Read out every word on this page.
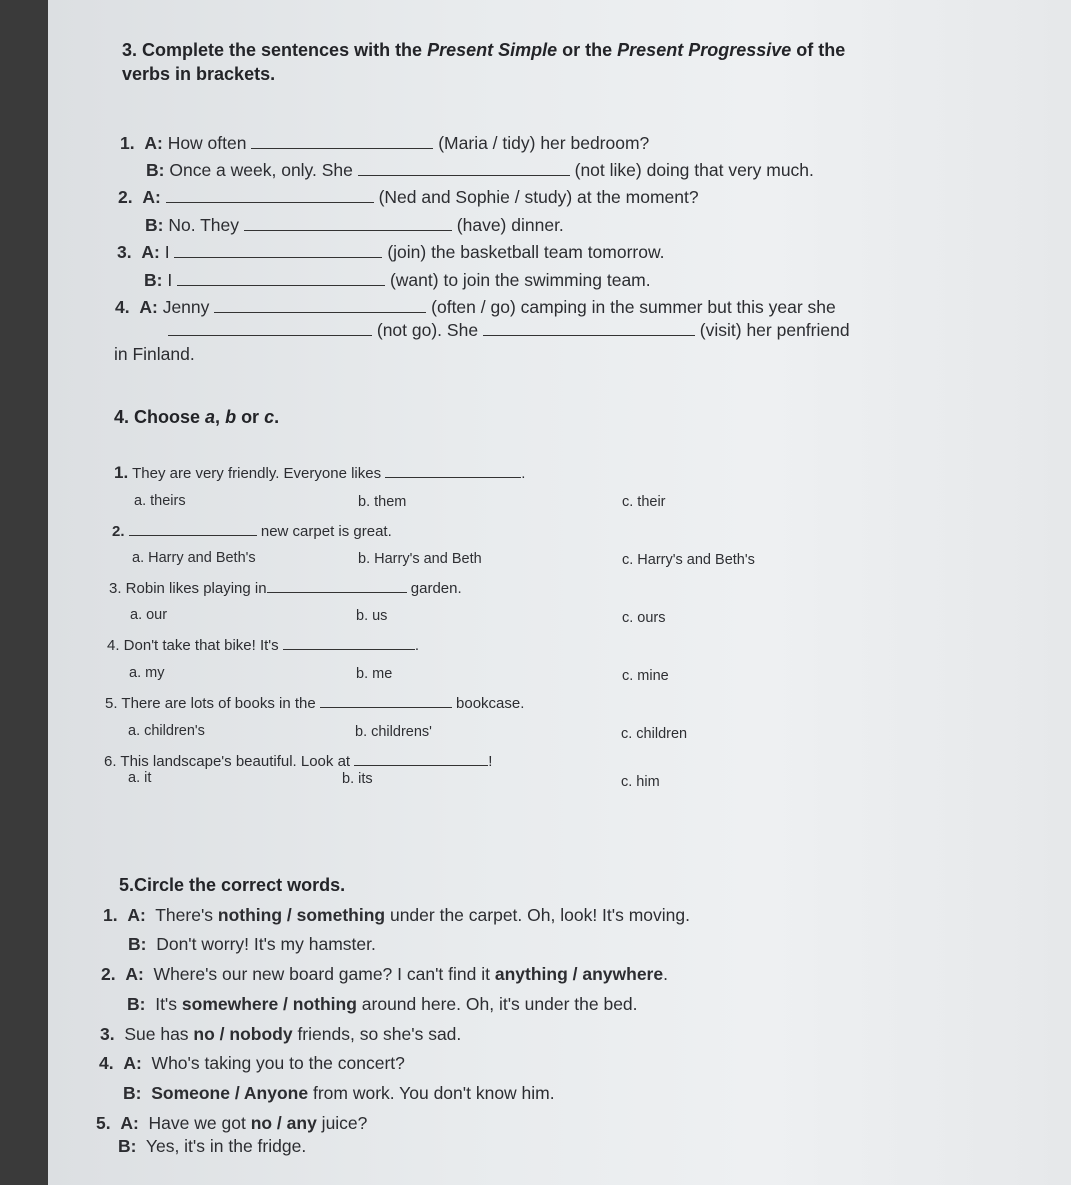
3. Complete the sentences with the Present Simple or the Present Progressive of the
verbs in brackets.
1. A: How often	(Maria / tidy) her bedroom?
B: Once a week, only. She	(not like) doing that very much.
2. A:	(Ned and Sophie / study) at the moment?
B: No. They	(have) dinner.
3. A: I	(join) the basketball team tomorrow.
B: I	(want) to join the swimming team.
4. A: Jenny	(often / go) camping in the summer but this year she
(not go). She	(visit) her penfriend
in Finland.
4. Choose a, b or c.
1. They are very friendly. Everyone likes	.
a. theirs	b. them	c. their
2.	new carpet is great.
a. Harry and Beth's	b. Harry's and Beth	c. Harry's and Beth's
3. Robin likes playing in	garden.
a. our	b. us	c. ours
4. Don't take that bike! It's	.
a. my	b. me	c. mine
5. There are lots of books in the	bookcase.
a. children's	b. childrens'	c. children
6. This landscape's beautiful. Look at	!
a. it	b. its	c. him
5.Circle the correct words.
1. A: There's nothing / something under the carpet. Oh, look! It's moving.
B: Don't worry! It's my hamster.
2. A: Where's our new board game? I can't find it anything / anywhere.
B: It's somewhere / nothing around here. Oh, it's under the bed.
3. Sue has no / nobody friends, so she's sad.
4. A: Who's taking you to the concert?
B: Someone / Anyone from work. You don't know him.
5. A: Have we got no / any juice?
B: Yes, it's in the fridge.
